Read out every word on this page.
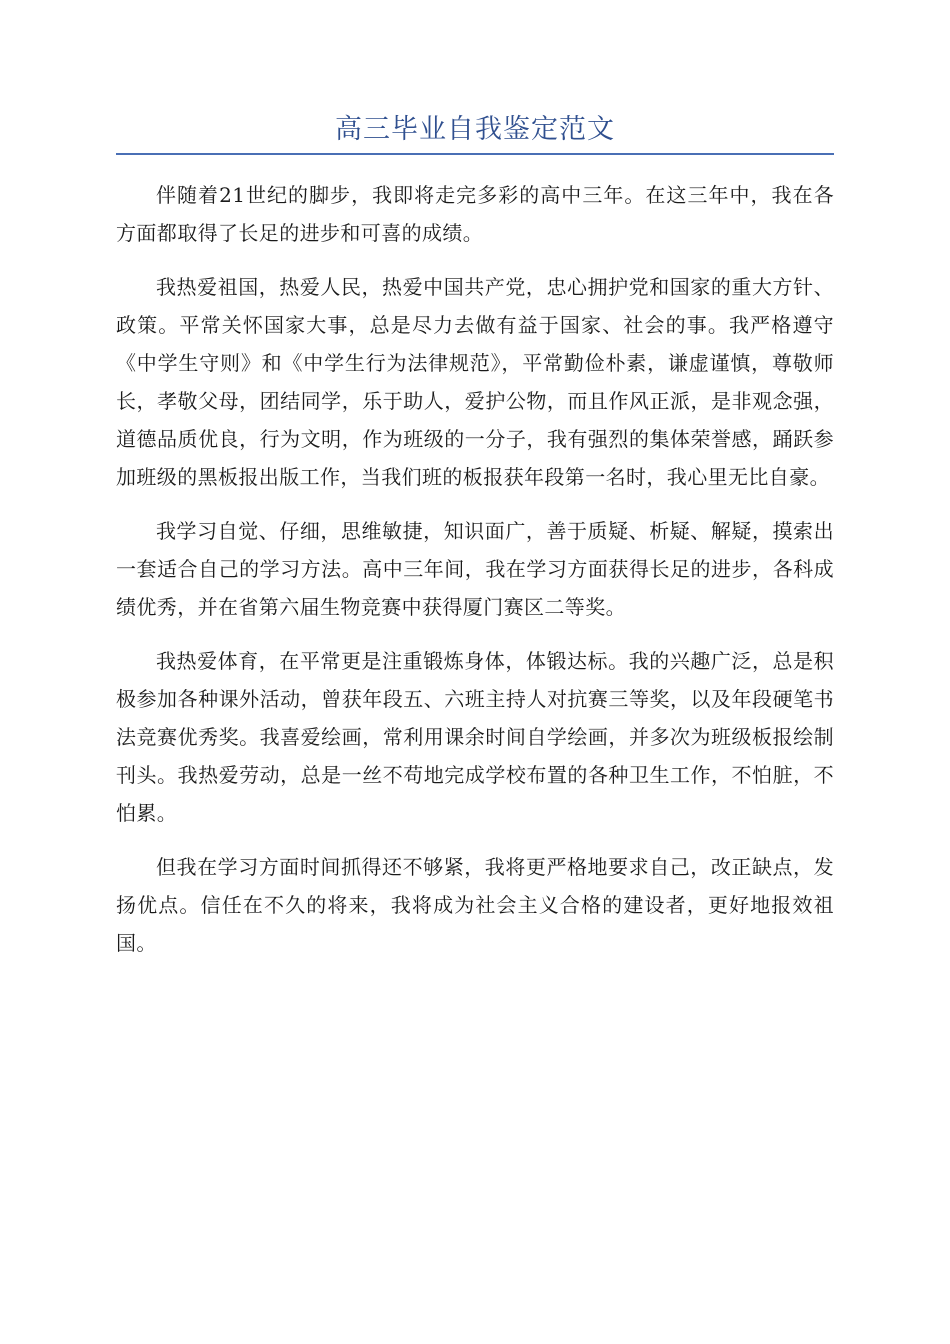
高三毕业自我鉴定范文

伴随着21世纪的脚步，我即将走完多彩的高中三年。在这三年中，我在各方面都取得了长足的进步和可喜的成绩。

我热爱祖国，热爱人民，热爱中国共产党，忠心拥护党和国家的重大方针、政策。平常关怀国家大事，总是尽力去做有益于国家、社会的事。我严格遵守《中学生守则》和《中学生行为法律规范》，平常勤俭朴素，谦虚谨慎，尊敬师长，孝敬父母，团结同学，乐于助人，爱护公物，而且作风正派，是非观念强，道德品质优良，行为文明，作为班级的一分子，我有强烈的集体荣誉感，踊跃参加班级的黑板报出版工作，当我们班的板报获年段第一名时，我心里无比自豪。

我学习自觉、仔细，思维敏捷，知识面广，善于质疑、析疑、解疑，摸索出一套适合自己的学习方法。高中三年间，我在学习方面获得长足的进步，各科成绩优秀，并在省第六届生物竞赛中获得厦门赛区二等奖。

我热爱体育，在平常更是注重锻炼身体，体锻达标。我的兴趣广泛，总是积极参加各种课外活动，曾获年段五、六班主持人对抗赛三等奖，以及年段硬笔书法竞赛优秀奖。我喜爱绘画，常利用课余时间自学绘画，并多次为班级板报绘制刊头。我热爱劳动，总是一丝不苟地完成学校布置的各种卫生工作，不怕脏，不怕累。

但我在学习方面时间抓得还不够紧，我将更严格地要求自己，改正缺点，发扬优点。信任在不久的将来，我将成为社会主义合格的建设者，更好地报效祖国。
